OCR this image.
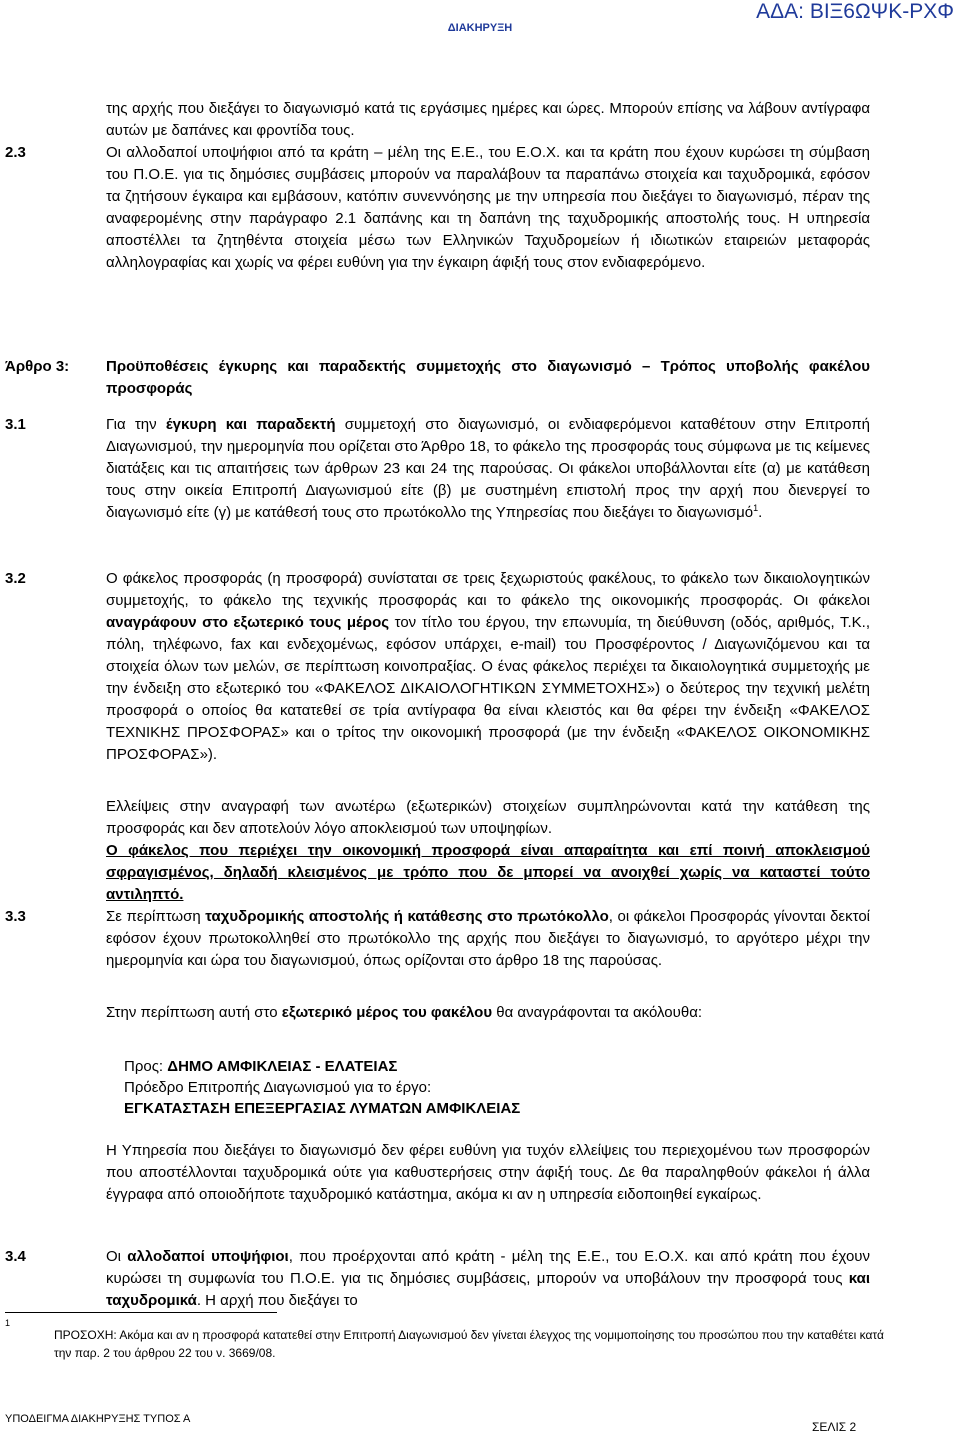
ΔΙΑΚΗΡΥΞΗ
ΑΔΑ: ΒΙΞ6ΩΨΚ-ΡΧΦ

της αρχής που διεξάγει το διαγωνισμό κατά τις εργάσιμες ημέρες και ώρες. Μπορούν επίσης να λάβουν αντίγραφα αυτών με δαπάνες και φροντίδα τους.

2.3	Οι αλλοδαποί υποψήφιοι από τα κράτη – μέλη της Ε.Ε., του Ε.Ο.Χ. και τα κράτη που έχουν κυρώσει τη σύμβαση του Π.Ο.Ε. για τις δημόσιες συμβάσεις μπορούν να παραλάβουν τα παραπάνω στοιχεία και ταχυδρομικά, εφόσον τα ζητήσουν έγκαιρα και εμβάσουν, κατόπιν συνεννόησης με την υπηρεσία που διεξάγει το διαγωνισμό, πέραν της αναφερομένης στην παράγραφο 2.1 δαπάνης και τη δαπάνη της ταχυδρομικής αποστολής τους. Η υπηρεσία αποστέλλει τα ζητηθέντα στοιχεία μέσω των Ελληνικών Ταχυδρομείων ή ιδιωτικών εταιρειών μεταφοράς αλληλογραφίας και χωρίς να φέρει ευθύνη για την έγκαιρη άφιξή τους στον ενδιαφερόμενο.

Άρθρο 3: Προϋποθέσεις έγκυρης και παραδεκτής συμμετοχής στο διαγωνισμό – Τρόπος υποβολής φακέλου προσφοράς
3.1	Για την έγκυρη και παραδεκτή συμμετοχή στο διαγωνισμό, οι ενδιαφερόμενοι καταθέτουν στην Επιτροπή Διαγωνισμού, την ημερομηνία που ορίζεται στο Άρθρο 18, το φάκελο της προσφοράς τους σύμφωνα με τις κείμενες διατάξεις και τις απαιτήσεις των άρθρων 23 και 24 της παρούσας. Οι φάκελοι υποβάλλονται είτε (α) με κατάθεση τους στην οικεία Επιτροπή Διαγωνισμού είτε (β) με συστημένη επιστολή προς την αρχή που διενεργεί το διαγωνισμό είτε (γ) με κατάθεσή τους στο πρωτόκολλο της Υπηρεσίας που διεξάγει το διαγωνισμό$^1$.

3.2	Ο φάκελος προσφοράς (η προσφορά) συνίσταται σε τρεις ξεχωριστούς φακέλους, το φάκελο των δικαιολογητικών συμμετοχής, το φάκελο της τεχνικής προσφοράς και το φάκελο της οικονομικής προσφοράς. Οι φάκελοι αναγράφουν στο εξωτερικό τους μέρος τον τίτλο του έργου, την επωνυμία, τη διεύθυνση (οδός, αριθμός, Τ.Κ., πόλη, τηλέφωνο, fax και ενδεχομένως, εφόσον υπάρχει, e-mail) του Προσφέροντος / Διαγωνιζόμενου και τα στοιχεία όλων των μελών, σε περίπτωση κοινοπραξίας. Ο ένας φάκελος περιέχει τα δικαιολογητικά συμμετοχής με την ένδειξη στο εξωτερικό του «ΦΑΚΕΛΟΣ ΔΙΚΑΙΟΛΟΓΗΤΙΚΩΝ ΣΥΜΜΕΤΟΧΗΣ») ο δεύτερος την τεχνική μελέτη προσφορά ο οποίος θα κατατεθεί σε τρία αντίγραφα θα είναι κλειστός και θα φέρει την ένδειξη «ΦΑΚΕΛΟΣ ΤΕΧΝΙΚΗΣ ΠΡΟΣΦΟΡΑΣ» και ο τρίτος την οικονομική προσφορά (με την ένδειξη «ΦΑΚΕΛΟΣ ΟΙΚΟΝΟΜΙΚΗΣ ΠΡΟΣΦΟΡΑΣ»).

Ελλείψεις στην αναγραφή των ανωτέρω (εξωτερικών) στοιχείων συμπληρώνονται κατά την κατάθεση της προσφοράς και δεν αποτελούν λόγο αποκλεισμού των υποψηφίων.

Ο φάκελος που περιέχει την οικονομική προσφορά είναι απαραίτητα και επί ποινή αποκλεισμού σφραγισμένος, δηλαδή κλεισμένος με τρόπο που δε μπορεί να ανοιχθεί χωρίς να καταστεί τούτο αντιληπτό.

3.3	Σε περίπτωση ταχυδρομικής αποστολής ή κατάθεσης στο πρωτόκολλο, οι φάκελοι Προσφοράς γίνονται δεκτοί εφόσον έχουν πρωτοκολληθεί στο πρωτόκολλο της αρχής που διεξάγει το διαγωνισμό, το αργότερο μέχρι την ημερομηνία και ώρα του διαγωνισμού, όπως ορίζονται στο άρθρο 18 της παρούσας.

Στην περίπτωση αυτή στο εξωτερικό μέρος του φακέλου θα αναγράφονται τα ακόλουθα:

Προς: ΔΗΜΟ ΑΜΦΙΚΛΕΙΑΣ - ΕΛΑΤΕΙΑΣ
Πρόεδρο Επιτροπής Διαγωνισμού για το έργο:
ΕΓΚΑΤΑΣΤΑΣΗ ΕΠΕΞΕΡΓΑΣΙΑΣ ΛΥΜΑΤΩΝ ΑΜΦΙΚΛΕΙΑΣ

Η Υπηρεσία που διεξάγει το διαγωνισμό δεν φέρει ευθύνη για τυχόν ελλείψεις του περιεχομένου των προσφορών που αποστέλλονται ταχυδρομικά ούτε για καθυστερήσεις στην άφιξή τους. Δε θα παραληφθούν φάκελοι ή άλλα έγγραφα από οποιοδήποτε ταχυδρομικό κατάστημα, ακόμα κι αν η υπηρεσία ειδοποιηθεί εγκαίρως.

3.4	Οι αλλοδαποί υποψήφιοι, που προέρχονται από κράτη - μέλη της Ε.Ε., του Ε.Ο.Χ. και από κράτη που έχουν κυρώσει τη συμφωνία του Π.Ο.Ε. για τις δημόσιες συμβάσεις, μπορούν να υποβάλουν την προσφορά τους και ταχυδρομικά. Η αρχή που διεξάγει το

1
ΠΡΟΣΟΧΗ: Ακόμα και αν η προσφορά κατατεθεί στην Επιτροπή Διαγωνισμού δεν γίνεται έλεγχος της νομιμοποίησης του προσώπου που την καταθέτει κατά την παρ. 2 του άρθρου 22 του ν. 3669/08.
ΥΠΟΔΕΙΓΜΑ ΔΙΑΚΗΡΥΞΗΣ ΤΥΠΟΣ Α
ΣΕΛΙΣ 2
